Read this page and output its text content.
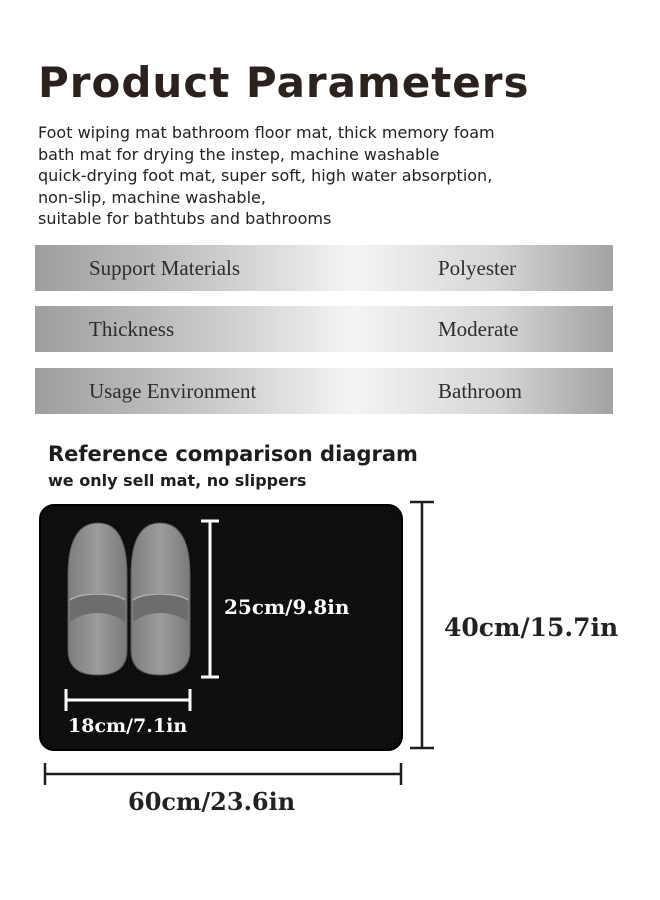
Product Parameters
Foot wiping mat bathroom floor mat, thick memory foam
bath mat for drying the instep, machine washable
quick-drying foot mat, super soft, high water absorption,
non-slip, machine washable,
suitable for bathtubs and bathrooms
Support Materials	Polyester
Thickness	Moderate
Usage Environment	Bathroom
Reference comparison diagram
we only sell mat, no slippers
25cm/9.8in
18cm/7.1in
40cm/15.7in
60cm/23.6in
